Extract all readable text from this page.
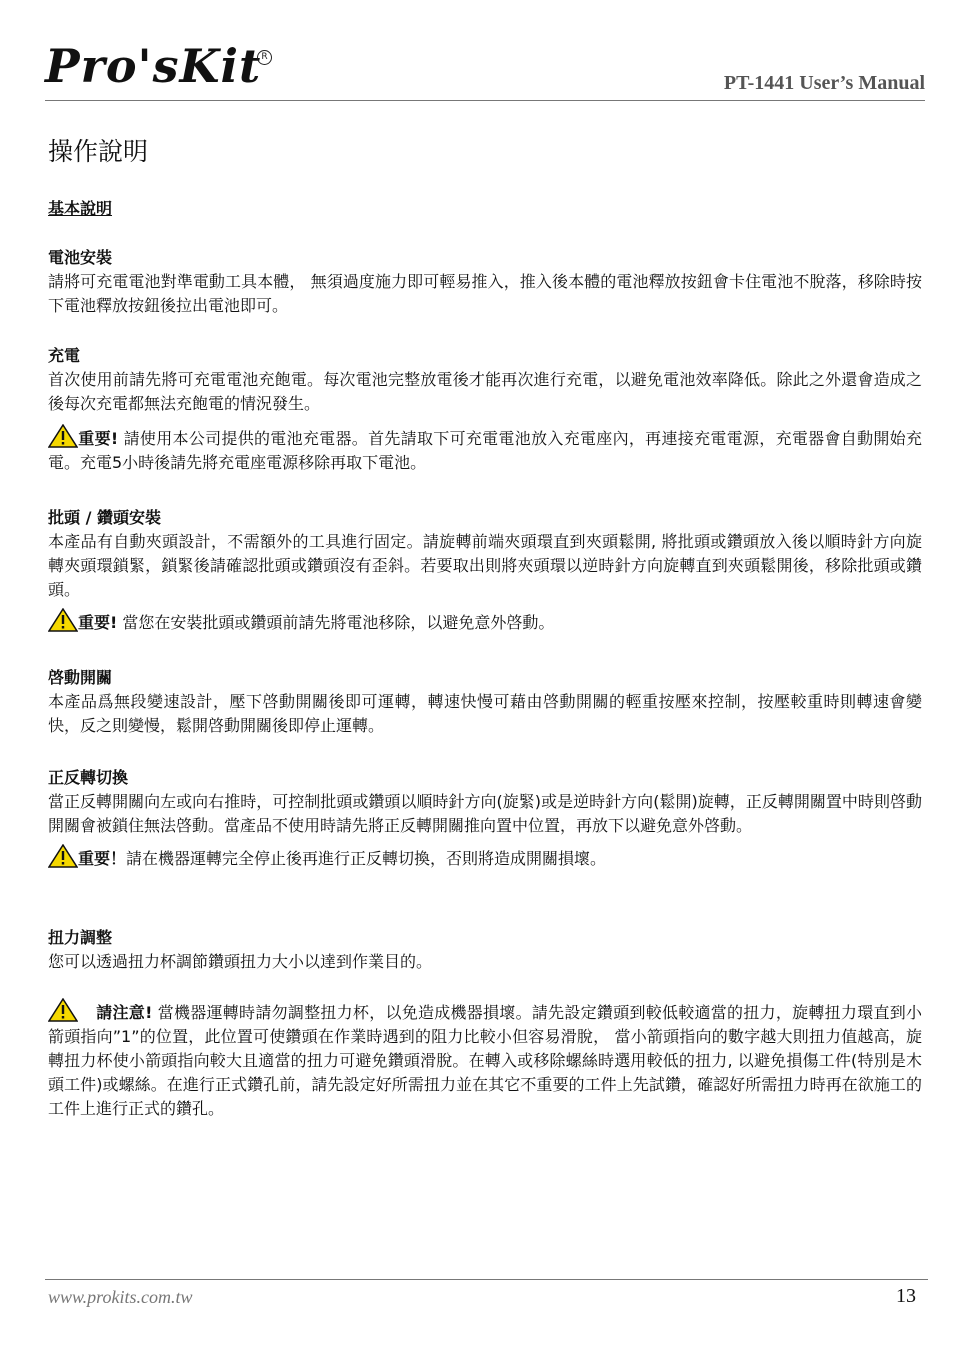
Pro'sKit R
PT-1441 User’s Manual
操作說明
基本說明
電池安裝

請將可充電電池對準電動工具本體， 無須過度施力即可輕易推入，推入後本體的電池釋放按鈕會卡住電池不脫落，移除時按下電池釋放按鈕後拉出電池即可。

充電

首次使用前請先將可充電電池充飽電。每次電池完整放電後才能再次進行充電，以避免電池效率降低。除此之外還會造成之後每次充電都無法充飽電的情況發生。

重要! 請使用本公司提供的電池充電器。首先請取下可充電電池放入充電座內，再連接充電電源，充電器會自動開始充電。充電5小時後請先將充電座電源移除再取下電池。

批頭 / 鑽頭安裝

本產品有自動夾頭設計，不需額外的工具進行固定。請旋轉前端夾頭環直到夾頭鬆開, 將批頭或鑽頭放入後以順時針方向旋轉夾頭環鎖緊，鎖緊後請確認批頭或鑽頭沒有歪斜。若要取出則將夾頭環以逆時針方向旋轉直到夾頭鬆開後，移除批頭或鑽頭。

重要! 當您在安裝批頭或鑽頭前請先將電池移除，以避免意外啓動。

啓動開關

本產品爲無段變速設計，壓下啓動開關後即可運轉，轉速快慢可藉由啓動開關的輕重按壓來控制，按壓較重時則轉速會變快，反之則變慢，鬆開啓動開關後即停止運轉。

正反轉切換

當正反轉開關向左或向右推時，可控制批頭或鑽頭以順時針方向(旋緊)或是逆時針方向(鬆開)旋轉，正反轉開關置中時則啓動開關會被鎖住無法啓動。當產品不使用時請先將正反轉開關推向置中位置，再放下以避免意外啓動。

重要！請在機器運轉完全停止後再進行正反轉切換，否則將造成開關損壞。

扭力調整

您可以透過扭力杯調節鑽頭扭力大小以達到作業目的。

請注意! 當機器運轉時請勿調整扭力杯，以免造成機器損壞。請先設定鑽頭到較低較適當的扭力，旋轉扭力環直到小箭頭指向”1”的位置，此位置可使鑽頭在作業時遇到的阻力比較小但容易滑脫， 當小箭頭指向的數字越大則扭力值越高，旋轉扭力杯使小箭頭指向較大且適當的扭力可避免鑽頭滑脫。在轉入或移除螺絲時選用較低的扭力, 以避免損傷工件(特別是木頭工件)或螺絲。在進行正式鑽孔前，請先設定好所需扭力並在其它不重要的工件上先試鑽，確認好所需扭力時再在欲施工的工件上進行正式的鑽孔。

www.prokits.com.tw	13
